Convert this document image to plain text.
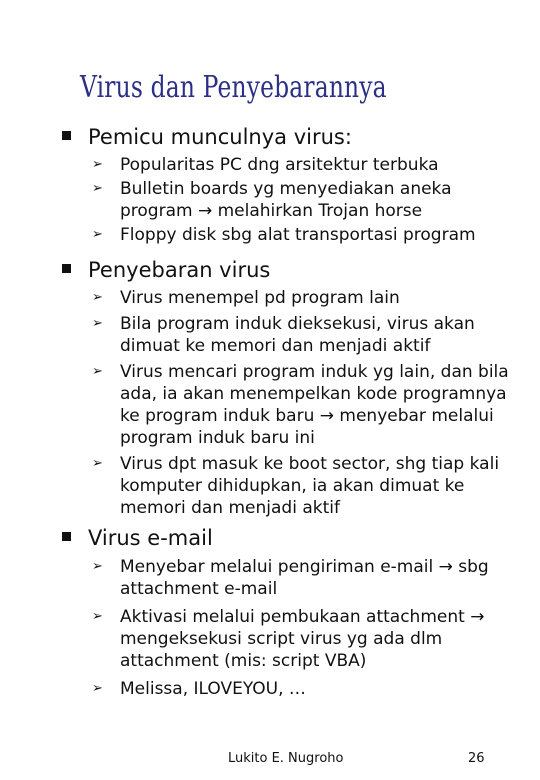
Virus dan Penyebarannya
Pemicu munculnya virus:
➢ Popularitas PC dng arsitektur terbuka
➢ Bulletin boards yg menyediakan aneka program → melahirkan Trojan horse
➢ Floppy disk sbg alat transportasi program
Penyebaran virus
➢ Virus menempel pd program lain
➢ Bila program induk dieksekusi, virus akan dimuat ke memori dan menjadi aktif
➢ Virus mencari program induk yg lain, dan bila ada, ia akan menempelkan kode programnya ke program induk baru → menyebar melalui program induk baru ini
➢ Virus dpt masuk ke boot sector, shg tiap kali komputer dihidupkan, ia akan dimuat ke memori dan menjadi aktif
Virus e-mail
➢ Menyebar melalui pengiriman e-mail → sbg attachment e-mail
➢ Aktivasi melalui pembukaan attachment → mengeksekusi script virus yg ada dlm attachment (mis: script VBA)
➢ Melissa, ILOVEYOU, …
Lukito E. Nugroho	26
